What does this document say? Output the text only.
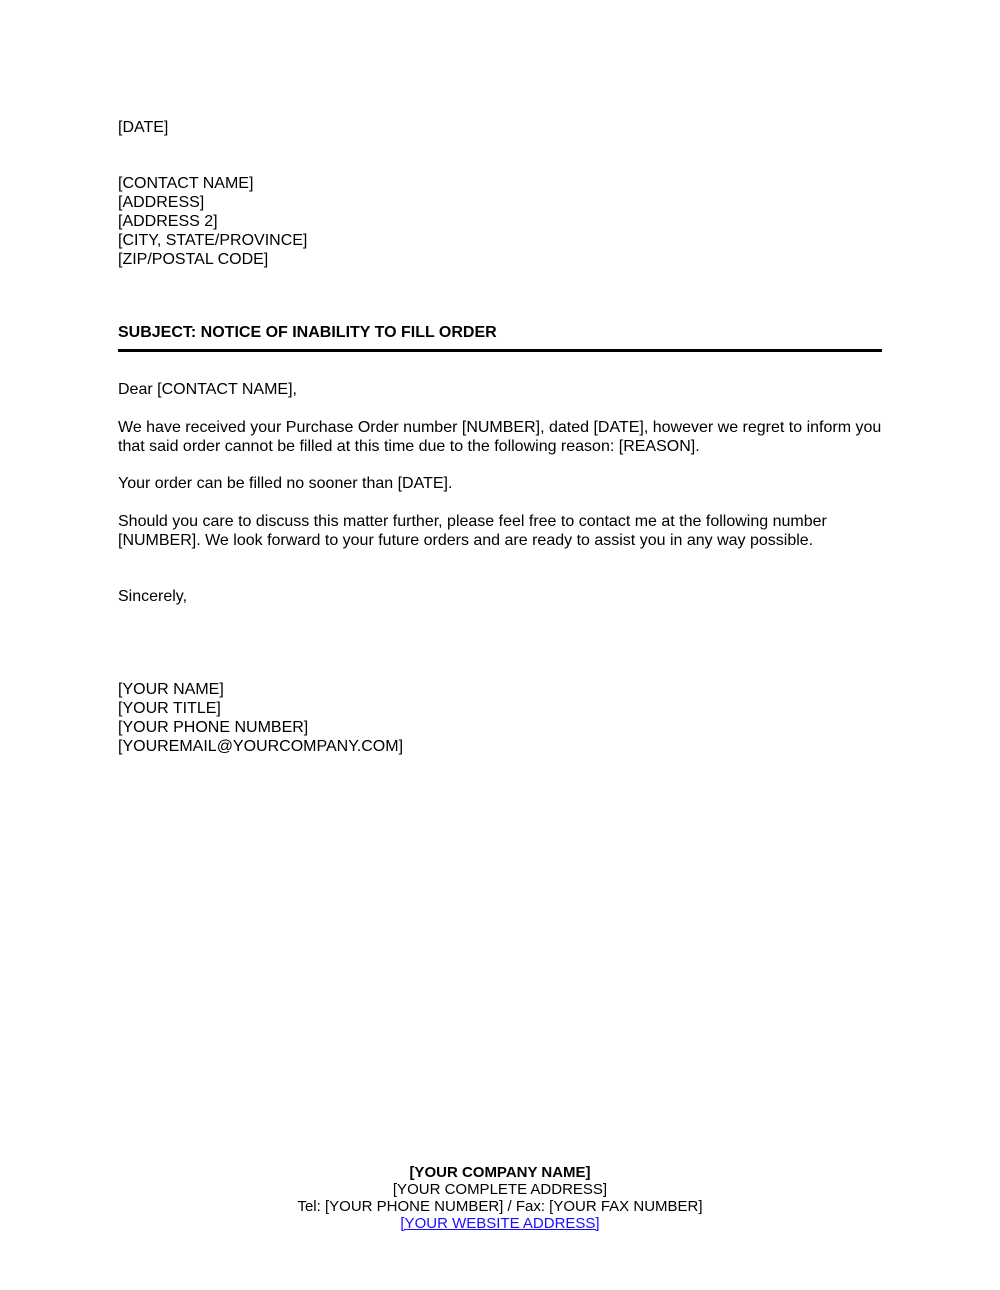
[DATE]
[CONTACT NAME]
[ADDRESS]
[ADDRESS 2]
[CITY, STATE/PROVINCE]
[ZIP/POSTAL CODE]
SUBJECT: NOTICE OF INABILITY TO FILL ORDER
Dear [CONTACT NAME],
We have received your Purchase Order number [NUMBER], dated [DATE], however we regret to inform you that said order cannot be filled at this time due to the following reason: [REASON].
Your order can be filled no sooner than [DATE].
Should you care to discuss this matter further, please feel free to contact me at the following number [NUMBER]. We look forward to your future orders and are ready to assist you in any way possible.
Sincerely,
[YOUR NAME]
[YOUR TITLE]
[YOUR PHONE NUMBER]
[YOUREMAIL@YOURCOMPANY.COM]
[YOUR COMPANY NAME]
[YOUR COMPLETE ADDRESS]
Tel: [YOUR PHONE NUMBER] / Fax: [YOUR FAX NUMBER]
[YOUR WEBSITE ADDRESS]
